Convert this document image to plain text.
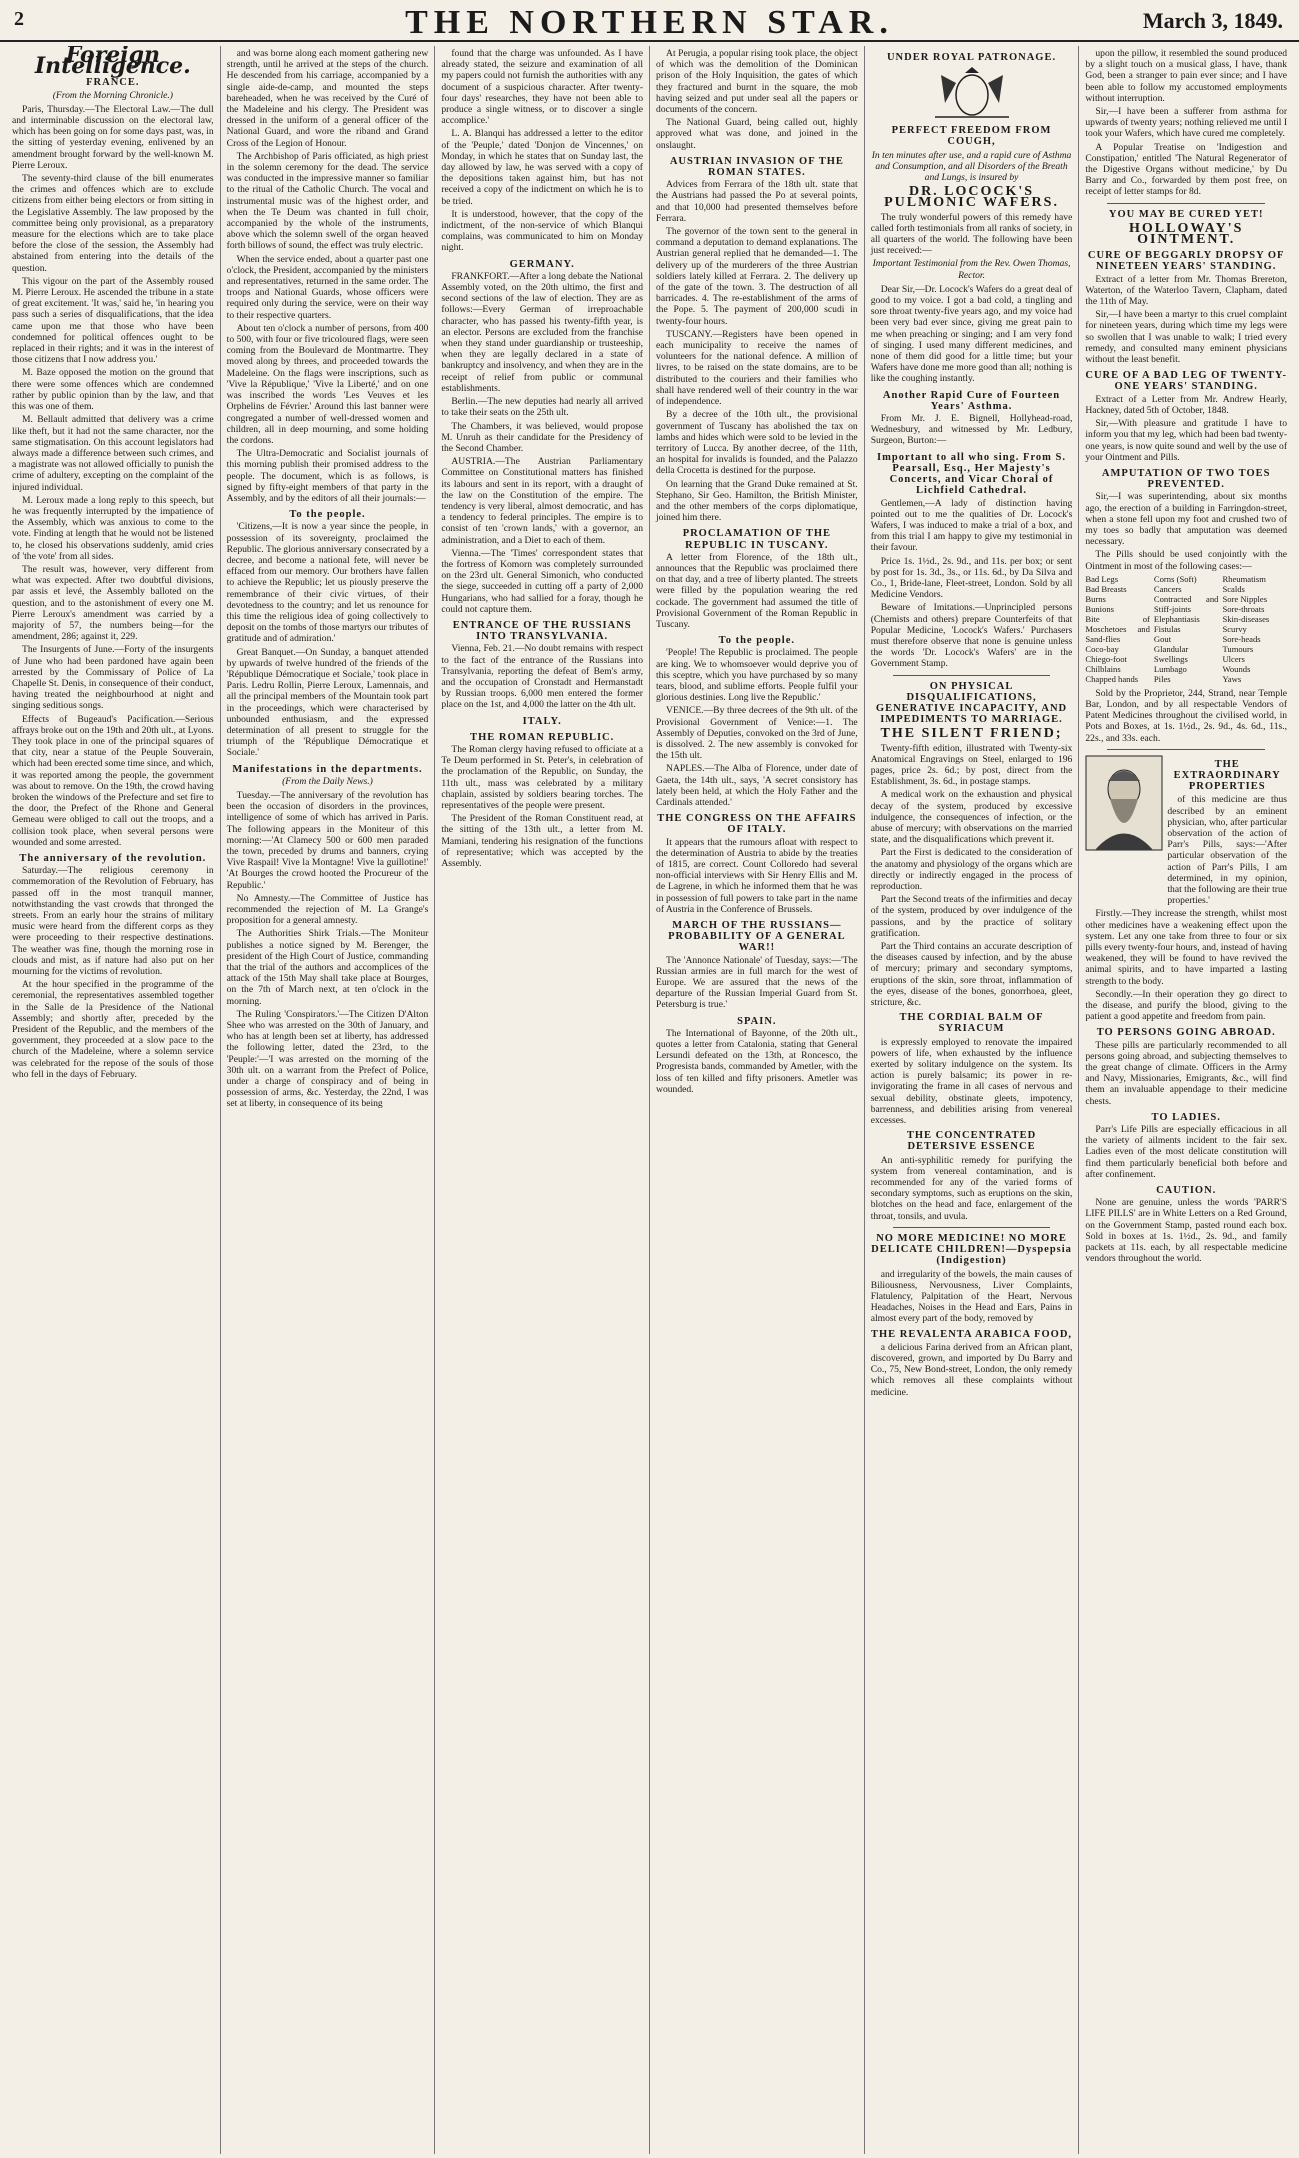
2	THE NORTHERN STAR.	March 3, 1849.
Foreign Intelligence.
FRANCE.
(From the Morning Chronicle.)

Paris, Thursday.—The Electoral Law.—The dull and interminable discussion on the electoral law, which has been going on for some days past, was, in the sitting of yesterday evening, enlivened by an amendment brought forward by the well-known M. Pierre Leroux.

The seventy-third clause of the bill enumerates the crimes and offences which are to exclude citizens from either being electors or from sitting in the Legislative Assembly. The law proposed by the committee being only provisional, as a preparatory measure for the elections which are to take place before the close of the session, the Assembly had abstained from entering into the details of the question.

This vigour on the part of the Assembly roused M. Pierre Leroux. He ascended the tribune in a state of great excitement. 'It was,' said he, 'in hearing you pass such a series of disqualifications, that the idea came upon me that those who have been condemned for political offences ought to be replaced in their rights; and it was in the interest of those citizens that I now address you.'

M. Baze opposed the motion on the ground that there were some offences which are condemned rather by public opinion than by the law, and that this was one of them.

M. Bellault admitted that delivery was a crime like theft, but it had not the same character, nor the same stigmatisation. On this account legislators had always made a difference between such crimes, and a magistrate was not allowed officially to punish the crime of adultery, excepting on the complaint of the injured individual.

M. Leroux made a long reply to this speech, but he was frequently interrupted by the impatience of the Assembly, which was anxious to come to the vote. Finding at length that he would not be listened to, he closed his observations suddenly, amid cries of 'the vote' from all sides.

The result was, however, very different from what was expected. After two doubtful divisions, par assis et levé, the Assembly balloted on the question, and to the astonishment of every one M. Pierre Leroux's amendment was carried by a majority of 57, the numbers being—for the amendment, 286; against it, 229.

The Insurgents of June.—Forty of the insurgents of June who had been pardoned have again been arrested by the Commissary of Police of La Chapelle St. Denis, in consequence of their conduct, having treated the neighbourhood at night and singing seditious songs.

Effects of Bugeaud's Pacification.—Serious affrays broke out on the 19th and 20th ult., at Lyons. They took place in one of the principal squares of that city, near a statue of the Peuple Souverain, which had been erected some time since, and which, it was reported among the people, the government was about to remove. On the 19th, the crowd having broken the windows of the Prefecture and set fire to the door, the Prefect of the Rhone and General Gemeau were obliged to call out the troops, and a collision took place, when several persons were wounded and some arrested.

The anniversary of the revolution.

Saturday.—The religious ceremony in commemoration of the Revolution of February, has passed off in the most tranquil manner, notwithstanding the vast crowds that thronged the streets. From an early hour the strains of military music were heard from the different corps as they were proceeding to their respective destinations. The weather was fine, though the morning rose in clouds and mist, as if nature had also put on her mourning for the victims of revolution.

At the hour specified in the programme of the ceremonial, the representatives assembled together in the Salle de la Presidence of the National Assembly; and shortly after, preceded by the President of the Republic, and the members of the government, they proceeded at a slow pace to the church of the Madeleine, where a solemn service was celebrated for the repose of the souls of those who fell in the days of February.

and was borne along each moment gathering new strength, until he arrived at the steps of the church. He descended from his carriage, accompanied by a single aide-de-camp, and mounted the steps bareheaded, when he was received by the Curé of the Madeleine and his clergy. The President was dressed in the uniform of a general officer of the National Guard, and wore the riband and Grand Cross of the Legion of Honour.

The Archbishop of Paris officiated, as high priest in the solemn ceremony for the dead. The service was conducted in the impressive manner so familiar to the ritual of the Catholic Church. The vocal and instrumental music was of the highest order, and when the Te Deum was chanted in full choir, accompanied by the whole of the instruments, above which the solemn swell of the organ heaved forth billows of sound, the effect was truly electric.

When the service ended, about a quarter past one o'clock, the President, accompanied by the ministers and representatives, returned in the same order. The troops and National Guards, whose officers were required only during the service, were on their way to their respective quarters.

About ten o'clock a number of persons, from 400 to 500, with four or five tricoloured flags, were seen coming from the Boulevard de Montmartre. They moved along by threes, and proceeded towards the Madeleine. On the flags were inscriptions, such as 'Vive la République,' 'Vive la Liberté,' and on one was inscribed the words 'Les Veuves et les Orphelins de Février.' Around this last banner were congregated a number of well-dressed women and children, all in deep mourning, and some holding the cordons.

The Ultra-Democratic and Socialist journals of this morning publish their promised address to the people. The document, which is as follows, is signed by fifty-eight members of that party in the Assembly, and by the editors of all their journals:—

To the people.

'Citizens,—It is now a year since the people, in possession of its sovereignty, proclaimed the Republic. The glorious anniversary consecrated by a decree, and become a national fete, will never be effaced from our memory. Our brothers have fallen to achieve the Republic; let us piously preserve the remembrance of their civic virtues, of their devotedness to the country; and let us renounce for this time the religious idea of going collectively to deposit on the tombs of those martyrs our tributes of gratitude and of admiration.'

Great Banquet.—On Sunday, a banquet attended by upwards of twelve hundred of the friends of the 'République Démocratique et Sociale,' took place in Paris. Ledru Rollin, Pierre Leroux, Lamennais, and all the principal members of the Mountain took part in the proceedings, which were characterised by unbounded enthusiasm, and the expressed determination of all present to struggle for the triumph of the 'République Démocratique et Sociale.'

Manifestations in the departments.
(From the Daily News.)

Tuesday.—The anniversary of the revolution has been the occasion of disorders in the provinces, intelligence of some of which has arrived in Paris. The following appears in the Moniteur of this morning:—'At Clamecy 500 or 600 men paraded the town, preceded by drums and banners, crying Vive Raspail! Vive la Montagne! Vive la guillotine!' 'At Bourges the crowd hooted the Procureur of the Republic.'

No Amnesty.—The Committee of Justice has recommended the rejection of M. La Grange's proposition for a general amnesty.

The Authorities Shirk Trials.—The Moniteur publishes a notice signed by M. Berenger, the president of the High Court of Justice, commanding that the trial of the authors and accomplices of the attack of the 15th May shall take place at Bourges, on the 7th of March next, at ten o'clock in the morning.

The Ruling 'Conspirators.'—The Citizen D'Alton Shee who was arrested on the 30th of January, and who has at length been set at liberty, has addressed the following letter, dated the 23rd, to the 'Peuple:'—'I was arrested on the morning of the 30th ult. on a warrant from the Prefect of Police, under a charge of conspiracy and of being in possession of arms, &c. Yesterday, the 22nd, I was set at liberty, in consequence of its being

found that the charge was unfounded. As I have already stated, the seizure and examination of all my papers could not furnish the authorities with any document of a suspicious character. After twenty-four days' researches, they have not been able to produce a single witness, or to discover a single accomplice.'

L. A. Blanqui has addressed a letter to the editor of the 'Peuple,' dated 'Donjon de Vincennes,' on Monday, in which he states that on Sunday last, the day allowed by law, he was served with a copy of the depositions taken against him, but has not received a copy of the indictment on which he is to be tried.

It is understood, however, that the copy of the indictment, of the non-service of which Blanqui complains, was communicated to him on Monday night.

GERMANY.

FRANKFORT.—After a long debate the National Assembly voted, on the 20th ultimo, the first and second sections of the law of election. They are as follows:—Every German of irreproachable character, who has passed his twenty-fifth year, is an elector. Persons are excluded from the franchise when they stand under guardianship or trusteeship, when they are legally declared in a state of bankruptcy and insolvency, and when they are in the receipt of relief from public or communal establishments.

Berlin.—The new deputies had nearly all arrived to take their seats on the 25th ult.

The Chambers, it was believed, would propose M. Unruh as their candidate for the Presidency of the Second Chamber.

AUSTRIA.—The Austrian Parliamentary Committee on Constitutional matters has finished its labours and sent in its report, with a draught of the law on the Constitution of the empire. The tendency is very liberal, almost democratic, and has a tendency to federal principles. The empire is to consist of ten 'crown lands,' with a governor, an administration, and a Diet to each of them.

Vienna.—The 'Times' correspondent states that the fortress of Komorn was completely surrounded on the 23rd ult. General Simonich, who conducted the siege, succeeded in cutting off a party of 2,000 Hungarians, who had sallied for a foray, though he could not capture them.

ENTRANCE OF THE RUSSIANS INTO TRANSYLVANIA.

Vienna, Feb. 21.—No doubt remains with respect to the fact of the entrance of the Russians into Transylvania, reporting the defeat of Bem's army, and the occupation of Cronstadt and Hermanstadt by Russian troops. 6,000 men entered the former place on the 1st, and 4,000 the latter on the 4th ult.

ITALY.
THE ROMAN REPUBLIC.

The Roman clergy having refused to officiate at a Te Deum performed in St. Peter's, in celebration of the proclamation of the Republic, on Sunday, the 11th ult., mass was celebrated by a military chaplain, assisted by soldiers bearing torches. The representatives of the people were present.

The President of the Roman Constituent read, at the sitting of the 13th ult., a letter from M. Mamiani, tendering his resignation of the functions of representative; which was accepted by the Assembly.

At Perugia, a popular rising took place, the object of which was the demolition of the Dominican prison of the Holy Inquisition, the gates of which they fractured and burnt in the square, the mob having seized and put under seal all the papers or documents of the concern.

The National Guard, being called out, highly approved what was done, and joined in the onslaught.

AUSTRIAN INVASION OF THE ROMAN STATES.

Advices from Ferrara of the 18th ult. state that the Austrians had passed the Po at several points, and that 10,000 had presented themselves before Ferrara.

The governor of the town sent to the general in command a deputation to demand explanations. The Austrian general replied that he demanded—1. The delivery up of the murderers of the three Austrian soldiers lately killed at Ferrara. 2. The delivery up of the gate of the town. 3. The destruction of all barricades. 4. The re-establishment of the arms of the Pope. 5. The payment of 200,000 scudi in twenty-four hours.

TUSCANY.—Registers have been opened in each municipality to receive the names of volunteers for the national defence. A million of livres, to be raised on the state domains, are to be distributed to the couriers and their families who shall have rendered well of their country in the war of independence.

By a decree of the 10th ult., the provisional government of Tuscany has abolished the tax on lambs and hides which were sold to be levied in the territory of Lucca. By another decree, of the 11th, an hospital for invalids is founded, and the Palazzo della Crocetta is destined for the purpose.

On learning that the Grand Duke remained at St. Stephano, Sir Geo. Hamilton, the British Minister, and the other members of the corps diplomatique, joined him there.

PROCLAMATION OF THE REPUBLIC IN TUSCANY.

A letter from Florence, of the 18th ult., announces that the Republic was proclaimed there on that day, and a tree of liberty planted. The streets were filled by the population wearing the red cockade. The government had assumed the title of Provisional Government of the Roman Republic in Tuscany.

To the people.

'People! The Republic is proclaimed. The people are king. We to whomsoever would deprive you of this sceptre, which you have purchased by so many tears, blood, and sublime efforts. People fulfil your glorious destinies. Long live the Republic.'

VENICE.—By three decrees of the 9th ult. of the Provisional Government of Venice:—1. The Assembly of Deputies, convoked on the 3rd of June, is dissolved. 2. The new assembly is convoked for the 15th ult.

NAPLES.—The Alba of Florence, under date of Gaeta, the 14th ult., says, 'A secret consistory has lately been held, at which the Holy Father and the Cardinals attended.'

THE CONGRESS ON THE AFFAIRS OF ITALY.

It appears that the rumours afloat with respect to the determination of Austria to abide by the treaties of 1815, are correct. Count Colloredo had several non-official interviews with Sir Henry Ellis and M. de Lagrene, in which he informed them that he was in possession of full powers to take part in the name of Austria in the Conference of Brussels.

MARCH OF THE RUSSIANS—PROBABILITY OF A GENERAL WAR!!

The 'Annonce Nationale' of Tuesday, says:—'The Russian armies are in full march for the west of Europe. We are assured that the news of the departure of the Russian Imperial Guard from St. Petersburg is true.'

SPAIN.

The International of Bayonne, of the 20th ult., quotes a letter from Catalonia, stating that General Lersundi defeated on the 13th, at Roncesco, the Progresista bands, commanded by Ametler, with the loss of ten killed and fifty prisoners. Ametler was wounded.

UNDER ROYAL PATRONAGE.
PERFECT FREEDOM FROM COUGH,
In ten minutes after use, and a rapid cure of Asthma and Consumption, and all Disorders of the Breath and Lungs, is insured by
DR. LOCOCK'S PULMONIC WAFERS.

The truly wonderful powers of this remedy have called forth testimonials from all ranks of society, in all quarters of the world. The following have been just received:—

Important Testimonial from the Rev. Owen Thomas, Rector.

Dear Sir,—Dr. Locock's Wafers do a great deal of good to my voice. I got a bad cold, a tingling and sore throat twenty-five years ago, and my voice had been very bad ever since, giving me great pain to me when preaching or singing; and I am very fond of singing. I used many different medicines, and none of them did good for a little time; but your Wafers have done me more good than all; nothing is like the coughing instantly.

Another Rapid Cure of Fourteen Years' Asthma.

From Mr. J. E. Bignell, Hollyhead-road, Wednesbury, and witnessed by Mr. Ledbury, Surgeon, Burton:—

Important to all who sing. From S. Pearsall, Esq., Her Majesty's Concerts, and Vicar Choral of Lichfield Cathedral.

Gentlemen,—A lady of distinction having pointed out to me the qualities of Dr. Locock's Wafers, I was induced to make a trial of a box, and from this trial I am happy to give my testimonial in their favour.

Price 1s. 1½d., 2s. 9d., and 11s. per box; or sent by post for 1s. 3d., 3s., or 11s. 6d., by Da Silva and Co., 1, Bride-lane, Fleet-street, London. Sold by all Medicine Vendors.

Beware of Imitations.—Unprincipled persons (Chemists and others) prepare Counterfeits of that Popular Medicine, 'Locock's Wafers.' Purchasers must therefore observe that none is genuine unless the words 'Dr. Locock's Wafers' are in the Government Stamp.

ON PHYSICAL DISQUALIFICATIONS, GENERATIVE INCAPACITY, AND IMPEDIMENTS TO MARRIAGE.
THE SILENT FRIEND;

Twenty-fifth edition, illustrated with Twenty-six Anatomical Engravings on Steel, enlarged to 196 pages, price 2s. 6d.; by post, direct from the Establishment, 3s. 6d., in postage stamps.

A medical work on the exhaustion and physical decay of the system, produced by excessive indulgence, the consequences of infection, or the abuse of mercury; with observations on the married state, and the disqualifications which prevent it.

Part the First is dedicated to the consideration of the anatomy and physiology of the organs which are directly or indirectly engaged in the process of reproduction.

Part the Second treats of the infirmities and decay of the system, produced by over indulgence of the passions, and by the practice of solitary gratification.

Part the Third contains an accurate description of the diseases caused by infection, and by the abuse of mercury; primary and secondary symptoms, eruptions of the skin, sore throat, inflammation of the eyes, disease of the bones, gonorrhoea, gleet, stricture, &c.

THE CORDIAL BALM OF SYRIACUM

is expressly employed to renovate the impaired powers of life, when exhausted by the influence exerted by solitary indulgence on the system. Its action is purely balsamic; its power in re-invigorating the frame in all cases of nervous and sexual debility, obstinate gleets, impotency, barrenness, and debilities arising from venereal excesses.

THE CONCENTRATED DETERSIVE ESSENCE

An anti-syphilitic remedy for purifying the system from venereal contamination, and is recommended for any of the varied forms of secondary symptoms, such as eruptions on the skin, blotches on the head and face, enlargement of the throat, tonsils, and uvula.

NO MORE MEDICINE! NO MORE DELICATE CHILDREN!—Dyspepsia (Indigestion)

and irregularity of the bowels, the main causes of Biliousness, Nervousness, Liver Complaints, Flatulency, Palpitation of the Heart, Nervous Headaches, Noises in the Head and Ears, Pains in almost every part of the body, removed by

THE REVALENTA ARABICA FOOD,

a delicious Farina derived from an African plant, discovered, grown, and imported by Du Barry and Co., 75, New Bond-street, London, the only remedy which removes all these complaints without medicine.

upon the pillow, it resembled the sound produced by a slight touch on a musical glass, I have, thank God, been a stranger to pain ever since; and I have been able to follow my accustomed employments without interruption.

Sir,—I have been a sufferer from asthma for upwards of twenty years; nothing relieved me until I took your Wafers, which have cured me completely.

A Popular Treatise on 'Indigestion and Constipation,' entitled 'The Natural Regenerator of the Digestive Organs without medicine,' by Du Barry and Co., forwarded by them post free, on receipt of letter stamps for 8d.

YOU MAY BE CURED YET!
HOLLOWAY'S OINTMENT.
CURE OF BEGGARLY DROPSY OF NINETEEN YEARS' STANDING.

Extract of a letter from Mr. Thomas Brereton, Waterton, of the Waterloo Tavern, Clapham, dated the 11th of May.

Sir,—I have been a martyr to this cruel complaint for nineteen years, during which time my legs were so swollen that I was unable to walk; I tried every remedy, and consulted many eminent physicians without the least benefit.

CURE OF A BAD LEG OF TWENTY-ONE YEARS' STANDING.

Extract of a Letter from Mr. Andrew Hearly, Hackney, dated 5th of October, 1848.

Sir,—With pleasure and gratitude I have to inform you that my leg, which had been bad twenty-one years, is now quite sound and well by the use of your Ointment and Pills.

AMPUTATION OF TWO TOES PREVENTED.

Sir,—I was superintending, about six months ago, the erection of a building in Farringdon-street, when a stone fell upon my foot and crushed two of my toes so badly that amputation was deemed necessary.

The Pills should be used conjointly with the Ointment in most of the following cases:—

Bad Legs
Bad Breasts
Burns
Bunions
Bite of Moschetoes and Sand-flies
Coco-bay
Chiego-foot
Chilblains
Chapped hands
Corns (Soft)
Cancers
Contracted and Stiff-joints
Elephantiasis
Fistulas
Gout
Glandular Swellings
Lumbago
Piles
Rheumatism
Scalds
Sore Nipples
Sore-throats
Skin-diseases
Scurvy
Sore-heads
Tumours
Ulcers
Wounds
Yaws

Sold by the Proprietor, 244, Strand, near Temple Bar, London, and by all respectable Vendors of Patent Medicines throughout the civilised world, in Pots and Boxes, at 1s. 1½d., 2s. 9d., 4s. 6d., 11s., 22s., and 33s. each.

THE EXTRAORDINARY PROPERTIES

of this medicine are thus described by an eminent physician, who, after particular observation of the action of Parr's Pills, says:—'After particular observation of the action of Parr's Pills, I am determined, in my opinion, that the following are their true properties.'

Firstly.—They increase the strength, whilst most other medicines have a weakening effect upon the system. Let any one take from three to four or six pills every twenty-four hours, and, instead of having weakened, they will be found to have revived the animal spirits, and to have imparted a lasting strength to the body.

Secondly.—In their operation they go direct to the disease, and purify the blood, giving to the patient a good appetite and freedom from pain.

TO PERSONS GOING ABROAD.

These pills are particularly recommended to all persons going abroad, and subjecting themselves to the great change of climate. Officers in the Army and Navy, Missionaries, Emigrants, &c., will find them an invaluable appendage to their medicine chests.

TO LADIES.

Parr's Life Pills are especially efficacious in all the variety of ailments incident to the fair sex. Ladies even of the most delicate constitution will find them particularly beneficial both before and after confinement.

CAUTION.

None are genuine, unless the words 'PARR'S LIFE PILLS' are in White Letters on a Red Ground, on the Government Stamp, pasted round each box. Sold in boxes at 1s. 1½d., 2s. 9d., and family packets at 11s. each, by all respectable medicine vendors throughout the world.
